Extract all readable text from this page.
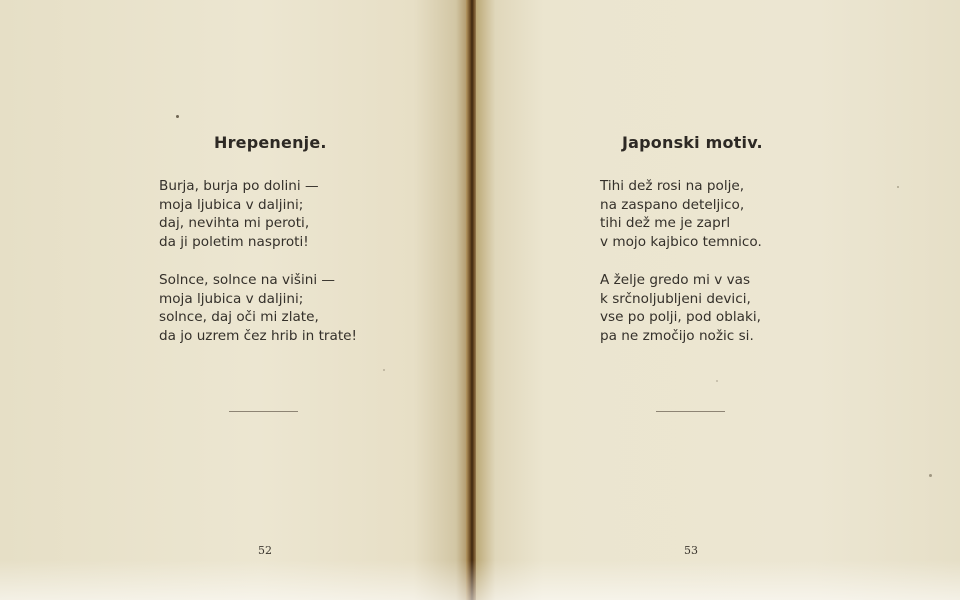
Hrepenenje.
Burja, burja po dolini —
moja ljubica v daljini;
daj, nevihta mi peroti,
da ji poletim nasproti!
Solnce, solnce na višini —
moja ljubica v daljini;
solnce, daj oči mi zlate,
da jo uzrem čez hrib in trate!
52
Japonski motiv.
Tihi dež rosi na polje,
na zaspano deteljico,
tihi dež me je zaprl
v mojo kajbico temnico.
A želje gredo mi v vas
k srčnoljubljeni devici,
vse po polji, pod oblaki,
pa ne zmočijo nožic si.
53
